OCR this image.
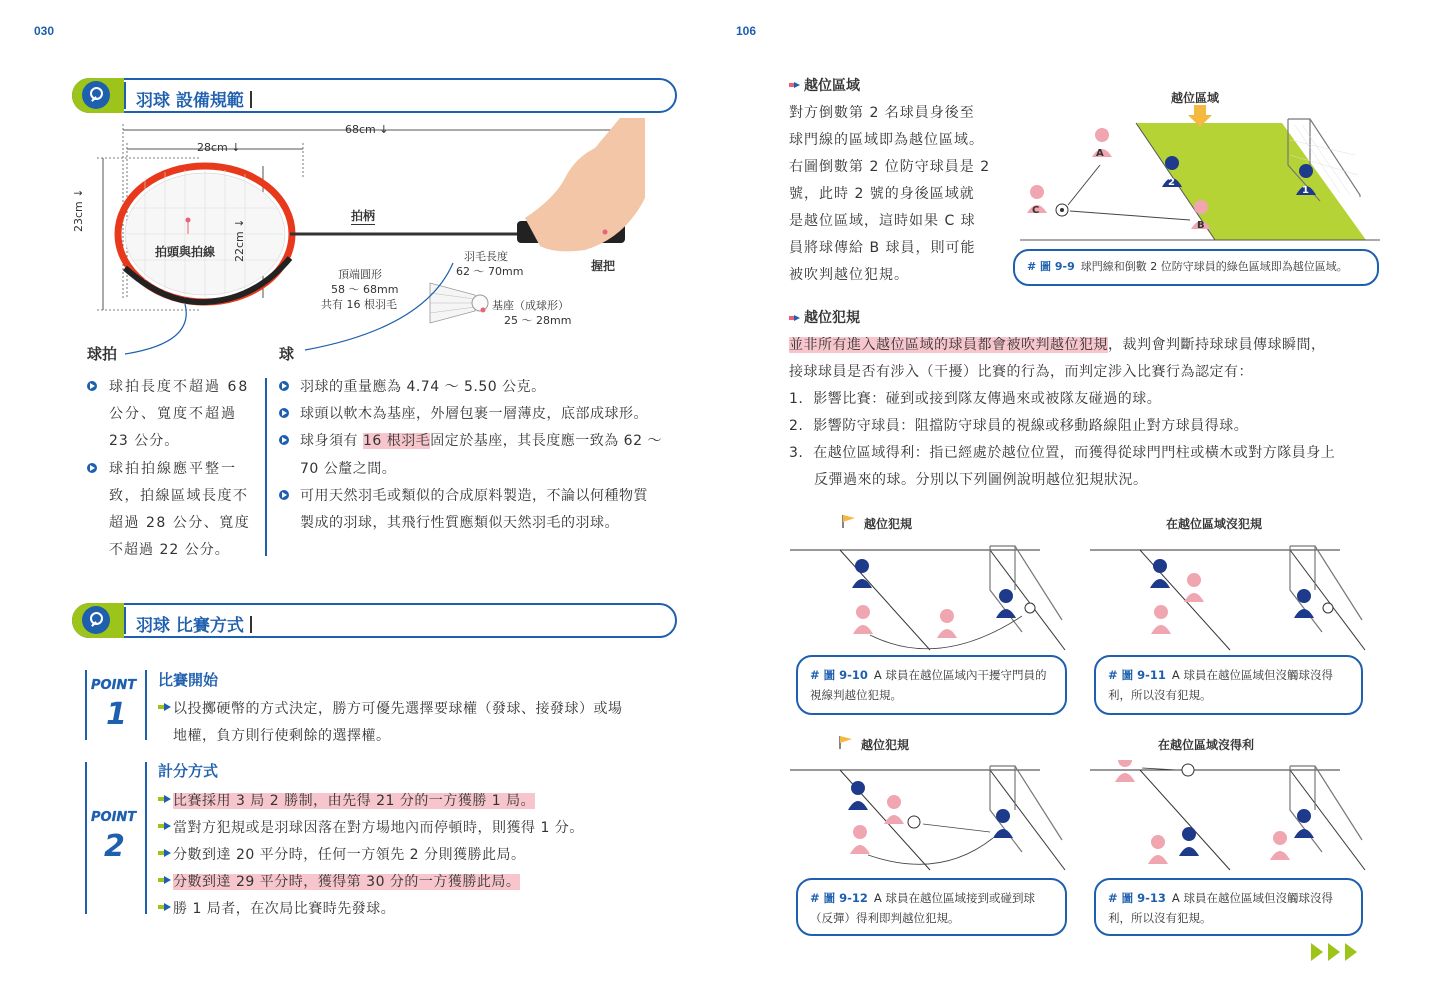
030
羽球 設備規範
68cm ↓
28cm ↓
23cm ↓
22cm ↓
拍頭與拍線
拍柄
握把
頂端圓形
58 ～ 68mm
共有 16 根羽毛
羽毛長度
62 ～ 70mm
基座（成球形）
25 ～ 28mm
球拍	球
球拍長度不超過 68
公分、寬度不超過
23 公分。
球拍拍線應平整一
致，拍線區域長度不
超過 28 公分、寬度
不超過 22 公分。
羽球的重量應為 4.74 ～ 5.50 公克。
球頭以軟木為基座，外層包裹一層薄皮，底部成球形。
球身須有 16 根羽毛固定於基座，其長度應一致為 62 ～
70 公釐之間。
可用天然羽毛或類似的合成原料製造，不論以何種物質
製成的羽球，其飛行性質應類似天然羽毛的羽球。
羽球 比賽方式
POINT
1
比賽開始
以投擲硬幣的方式決定，勝方可優先選擇要球權（發球、接發球）或場
地權，負方則行使剩餘的選擇權。
POINT
2
計分方式
比賽採用 3 局 2 勝制，由先得 21 分的一方獲勝 1 局。
當對方犯規或是羽球因落在對方場地內而停頓時，則獲得 1 分。
分數到達 20 平分時，任何一方領先 2 分則獲勝此局。
分數到達 29 平分時，獲得第 30 分的一方獲勝此局。
勝 1 局者，在次局比賽時先發球。
106
越位區域
對方倒數第 2 名球員身後至
球門線的區域即為越位區域。
右圖倒數第 2 位防守球員是 2
號，此時 2 號的身後區域就
是越位區域，這時如果 C 球
員將球傳給 B 球員，則可能
被吹判越位犯規。
越位區域
A
C
B
2
1
# 圖 9-9 球門線和倒數 2 位防守球員的綠色區域即為越位區域。
越位犯規
並非所有進入越位區域的球員都會被吹判越位犯規，裁判會判斷持球球員傳球瞬間，
接球球員是否有涉入（干擾）比賽的行為，而判定涉入比賽行為認定有：
1. 影響比賽：碰到或接到隊友傳過來或被隊友碰過的球。
2. 影響防守球員：阻擋防守球員的視線或移動路線阻止對方球員得球。
3. 在越位區域得利：指已經處於越位位置，而獲得從球門門柱或橫木或對方隊員身上
反彈過來的球。分別以下列圖例說明越位犯規狀況。
越位犯規
# 圖 9-10 A 球員在越位區域內干擾守門員的視線判越位犯規。
在越位區域沒犯規
# 圖 9-11 A 球員在越位區域但沒觸球沒得利，所以沒有犯規。
越位犯規
# 圖 9-12 A 球員在越位區域接到或碰到球（反彈）得利即判越位犯規。
在越位區域沒得利
# 圖 9-13 A 球員在越位區域但沒觸球沒得利，所以沒有犯規。
